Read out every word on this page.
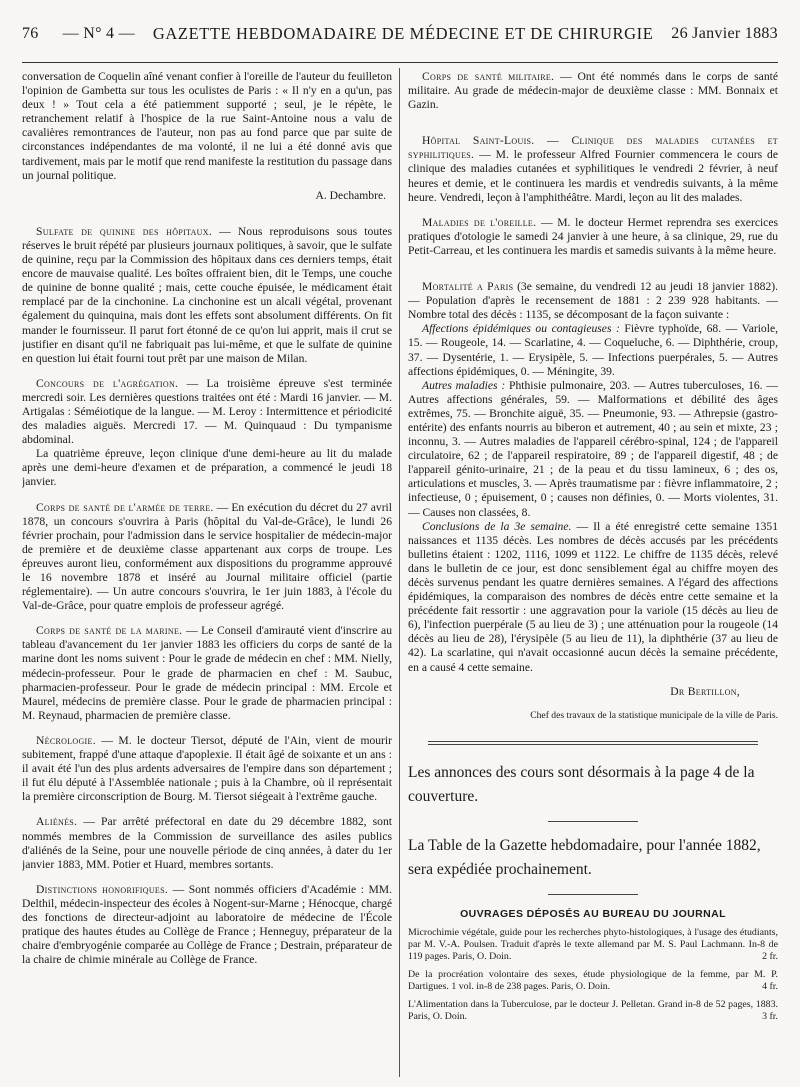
76 — N° 4 — GAZETTE HEBDOMADAIRE DE MÉDECINE ET DE CHIRURGIE 26 Janvier 1883

conversation de Coquelin aîné venant confier à l'oreille de l'auteur du feuilleton l'opinion de Gambetta sur tous les oculistes de Paris : « Il n'y en a qu'un, pas deux ! » Tout cela a été patiemment supporté ; seul, je le répète, le retranchement relatif à l'hospice de la rue Saint-Antoine nous a valu de cavalières remontrances de l'auteur, non pas au fond parce que par suite de circonstances indépendantes de ma volonté, il ne lui a été donné avis que tardivement, mais par le motif que rend manifeste la restitution du passage dans un journal politique.

A. Dechambre.

Sulfate de quinine des hôpitaux. — Nous reproduisons sous toutes réserves le bruit répété par plusieurs journaux politiques, à savoir, que le sulfate de quinine, reçu par la Commission des hôpitaux dans ces derniers temps, était encore de mauvaise qualité. Les boîtes offraient bien, dit le Temps, une couche de quinine de bonne qualité ; mais, cette couche épuisée, le médicament était remplacé par de la cinchonine. La cinchonine est un alcali végétal, provenant également du quinquina, mais dont les effets sont absolument différents. On fit mander le fournisseur. Il parut fort étonné de ce qu'on lui apprit, mais il crut se justifier en disant qu'il ne fabriquait pas lui-même, et que le sulfate de quinine en question lui était fourni tout prêt par une maison de Milan.

Concours de l'agrégation. — La troisième épreuve s'est terminée mercredi soir. Les dernières questions traitées ont été : Mardi 16 janvier. — M. Artigalas : Séméiotique de la langue. — M. Leroy : Intermittence et périodicité des maladies aiguës. Mercredi 17. — M. Quinquaud : Du tympanisme abdominal.

La quatrième épreuve, leçon clinique d'une demi-heure au lit du malade après une demi-heure d'examen et de préparation, a commencé le jeudi 18 janvier.

Corps de santé de l'armée de terre. — En exécution du décret du 27 avril 1878, un concours s'ouvrira à Paris (hôpital du Val-de-Grâce), le lundi 26 février prochain, pour l'admission dans le service hospitalier de médecin-major de première et de deuxième classe appartenant aux corps de troupe. Les épreuves auront lieu, conformément aux dispositions du programme approuvé le 16 novembre 1878 et inséré au Journal militaire officiel (partie réglementaire). — Un autre concours s'ouvrira, le 1er juin 1883, à l'école du Val-de-Grâce, pour quatre emplois de professeur agrégé.

Corps de santé de la marine. — Le Conseil d'amirauté vient d'inscrire au tableau d'avancement du 1er janvier 1883 les officiers du corps de santé de la marine dont les noms suivent : Pour le grade de médecin en chef : MM. Nielly, médecin-professeur. Pour le grade de pharmacien en chef : M. Saubuc, pharmacien-professeur. Pour le grade de médecin principal : MM. Ercole et Maurel, médecins de première classe. Pour le grade de pharmacien principal : M. Reynaud, pharmacien de première classe.

Nécrologie. — M. le docteur Tiersot, député de l'Ain, vient de mourir subitement, frappé d'une attaque d'apoplexie. Il était âgé de soixante et un ans : il avait été l'un des plus ardents adversaires de l'empire dans son département ; il fut élu député à l'Assemblée nationale ; puis à la Chambre, où il représentait la première circonscription de Bourg. M. Tiersot siégeait à l'extrême gauche.

Aliénés. — Par arrêté préfectoral en date du 29 décembre 1882, sont nommés membres de la Commission de surveillance des asiles publics d'aliénés de la Seine, pour une nouvelle période de cinq années, à dater du 1er janvier 1883, MM. Potier et Huard, membres sortants.

Distinctions honorifiques. — Sont nommés officiers d'Académie : MM. Delthil, médecin-inspecteur des écoles à Nogent-sur-Marne ; Hénocque, chargé des fonctions de directeur-adjoint au laboratoire de médecine de l'École pratique des hautes études au Collège de France ; Henneguy, préparateur de la chaire d'embryogénie comparée au Collège de France ; Destrain, préparateur de la chaire de chimie minérale au Collège de France.

Corps de santé militaire. — Ont été nommés dans le corps de santé militaire. Au grade de médecin-major de deuxième classe : MM. Bonnaix et Gazin.

Hôpital Saint-Louis. — Clinique des maladies cutanées et syphilitiques. — M. le professeur Alfred Fournier commencera le cours de clinique des maladies cutanées et syphilitiques le vendredi 2 février, à neuf heures et demie, et le continuera les mardis et vendredis suivants, à la même heure. Vendredi, leçon à l'amphithéâtre. Mardi, leçon au lit des malades.

Maladies de l'oreille. — M. le docteur Hermet reprendra ses exercices pratiques d'otologie le samedi 24 janvier à une heure, à sa clinique, 29, rue du Petit-Carreau, et les continuera les mardis et samedis suivants à la même heure.

Mortalité a Paris (3e semaine, du vendredi 12 au jeudi 18 janvier 1882). — Population d'après le recensement de 1881 : 2 239 928 habitants. — Nombre total des décès : 1135, se décomposant de la façon suivante :

Affections épidémiques ou contagieuses : Fièvre typhoïde, 68. — Variole, 15. — Rougeole, 14. — Scarlatine, 4. — Coqueluche, 6. — Diphthérie, croup, 37. — Dysentérie, 1. — Erysipèle, 5. — Infections puerpérales, 5. — Autres affections épidémiques, 0. — Méningite, 39.

Autres maladies : Phthisie pulmonaire, 203. — Autres tuberculoses, 16. — Autres affections générales, 59. — Malformations et débilité des âges extrêmes, 75. — Bronchite aiguë, 35. — Pneumonie, 93. — Athrepsie (gastro-entérite) des enfants nourris au biberon et autrement, 40 ; au sein et mixte, 23 ; inconnu, 3. — Autres maladies de l'appareil cérébro-spinal, 124 ; de l'appareil circulatoire, 62 ; de l'appareil respiratoire, 89 ; de l'appareil digestif, 48 ; de l'appareil génito-urinaire, 21 ; de la peau et du tissu lamineux, 6 ; des os, articulations et muscles, 3. — Après traumatisme par : fièvre inflammatoire, 2 ; infectieuse, 0 ; épuisement, 0 ; causes non définies, 0. — Morts violentes, 31. — Causes non classées, 8.

Conclusions de la 3e semaine. — Il a été enregistré cette semaine 1351 naissances et 1135 décès. Les nombres de décès accusés par les précédents bulletins étaient : 1202, 1116, 1099 et 1122. Le chiffre de 1135 décès, relevé dans le bulletin de ce jour, est donc sensiblement égal au chiffre moyen des décès survenus pendant les quatre dernières semaines. A l'égard des affections épidémiques, la comparaison des nombres de décès entre cette semaine et la précédente fait ressortir : une aggravation pour la variole (15 décès au lieu de 6), l'infection puerpérale (5 au lieu de 3) ; une atténuation pour la rougeole (14 décès au lieu de 28), l'érysipèle (5 au lieu de 11), la diphthérie (37 au lieu de 42). La scarlatine, qui n'avait occasionné aucun décès la semaine précédente, en a causé 4 cette semaine.

Dr Bertillon,
Chef des travaux de la statistique municipale de la ville de Paris.

Les annonces des cours sont désormais à la page 4 de la couverture.

La Table de la Gazette hebdomadaire, pour l'année 1882, sera expédiée prochainement.

OUVRAGES DÉPOSÉS AU BUREAU DU JOURNAL

Microchimie végétale, guide pour les recherches phyto-histologiques, à l'usage des étudiants, par M. V.-A. Poulsen. Traduit d'après le texte allemand par M. S. Paul Lachmann. In-8 de 119 pages. Paris, O. Doin.	2 fr.

De la procréation volontaire des sexes, étude physiologique de la femme, par M. P. Dartigues. 1 vol. in-8 de 238 pages. Paris, O. Doin.	4 fr.

L'Alimentation dans la Tuberculose, par le docteur J. Pelletan. Grand in-8 de 52 pages, 1883. Paris, O. Doin.	3 fr.
